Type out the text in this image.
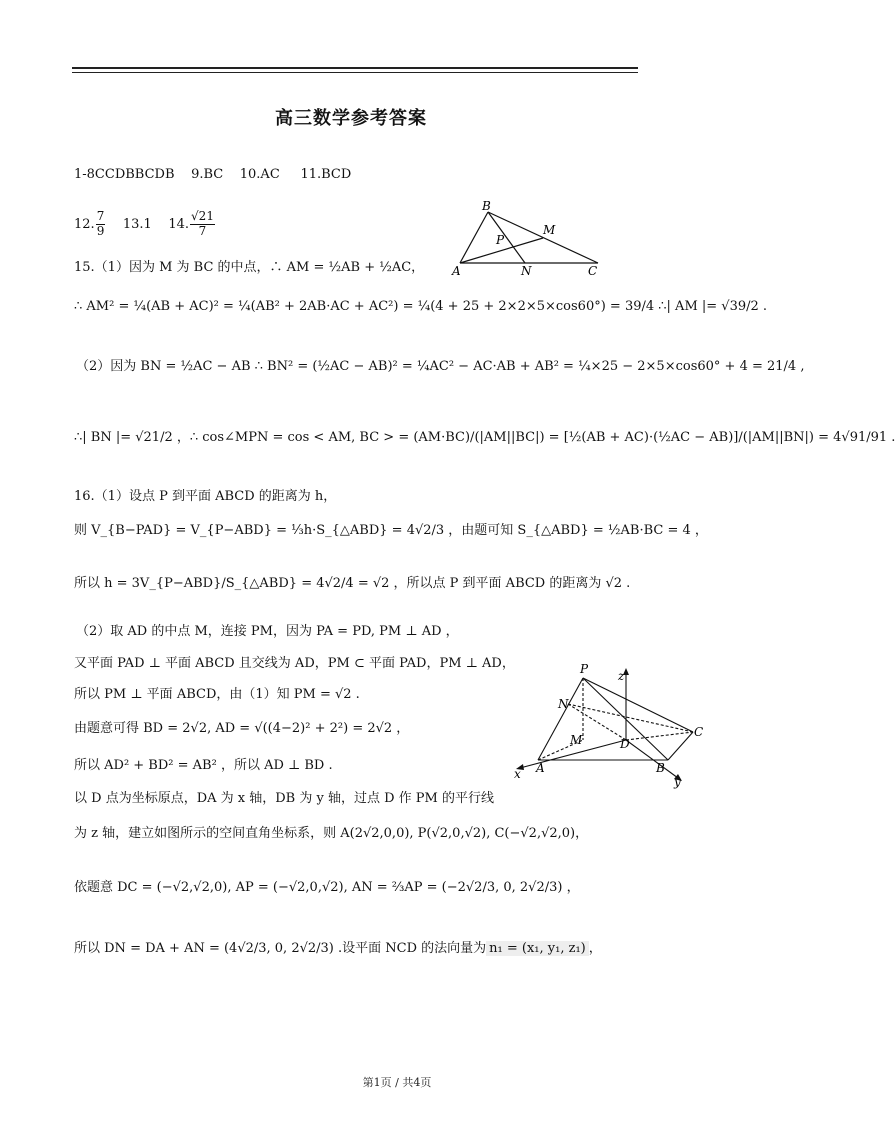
高三数学参考答案
1-8CCDBBCDB 9.BC 10.AC 11.BCD
12. $\frac{7}{9} 13.1$ 14. $\frac{√21}{7}$
B
M
P
A	N	C
15.（1）因为 M 为 BC 的中点，∴ AM = ½AB + ½AC，
∴ AM² = ¼(AB + AC)² = ¼(AB² + 2AB·AC + AC²) = ¼(4 + 25 + 2×2×5×cos60°) = 39/4 ∴| AM |= √39/2 .
（2）因为 BN = ½AC − AB ∴ BN² = (½AC − AB)² = ¼AC² − AC·AB + AB² = ¼×25 − 2×5×cos60° + 4 = 21/4 ,
∴| BN |= √21/2 ，∴ cos∠MPN = cos < AM, BC > = (AM·BC)/(|AM||BC|) = [½(AB + AC)·(½AC − AB)]/(|AM||BN|) = 4√91/91 .
16.（1）设点 P 到平面 ABCD 的距离为 h，
则 V_{B−PAD} = V_{P−ABD} = ⅓h·S_{△ABD} = 4√2/3 ，由题可知 S_{△ABD} = ½AB·BC = 4 ，
所以 h = 3V_{P−ABD}/S_{△ABD} = 4√2/4 = √2 ，所以点 P 到平面 ABCD 的距离为 √2 .
（2）取 AD 的中点 M，连接 PM，因为 PA = PD, PM ⊥ AD ，
又平面 PAD ⊥ 平面 ABCD 且交线为 AD，PM ⊂ 平面 PAD，PM ⊥ AD，
所以 PM ⊥ 平面 ABCD，由（1）知 PM = √2 .
由题意可得 BD = 2√2, AD = √((4−2)² + 2²) = 2√2 ，
所以 AD² + BD² = AB² ，所以 AD ⊥ BD .
以 D 点为坐标原点，DA 为 x 轴，DB 为 y 轴，过点 D 作 PM 的平行线
为 z 轴，建立如图所示的空间直角坐标系，则 A(2√2,0,0), P(√2,0,√2), C(−√2,√2,0)，
依题意 DC = (−√2,√2,0), AP = (−√2,0,√2), AN = ⅔AP = (−2√2/3, 0, 2√2/3) ，
所以 DN = DA + AN = (4√2/3, 0, 2√2/3) .设平面 NCD 的法向量为 n₁ = (x₁, y₁, z₁) ，
P z
N
C
M	D
x A	B
y
第1页 / 共4页
